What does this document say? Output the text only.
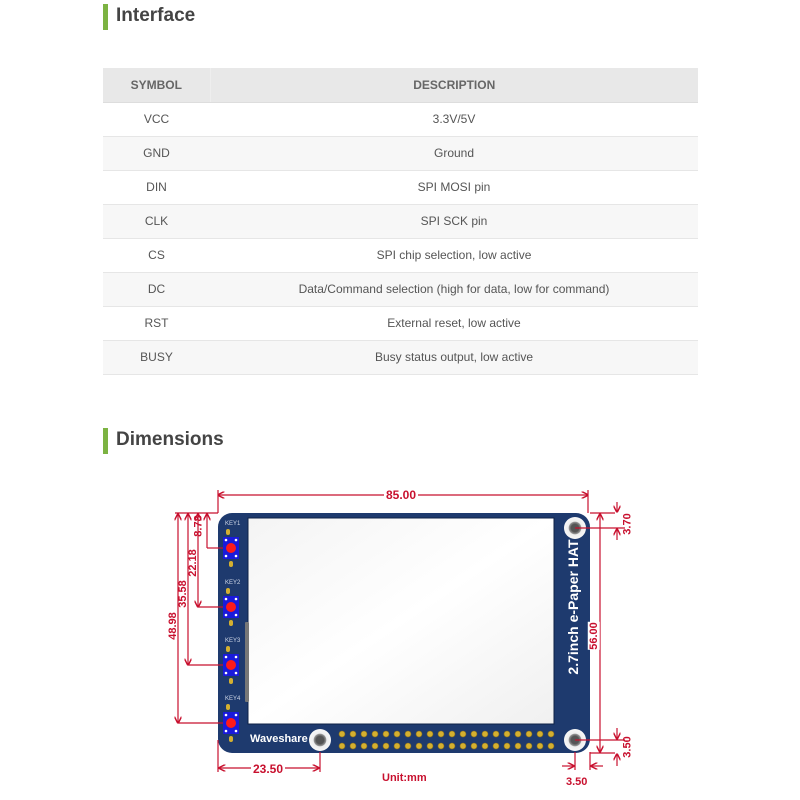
Interface
SYMBOL	DESCRIPTION
VCC	3.3V/5V
GND	Ground
DIN	SPI MOSI pin
CLK	SPI SCK pin
CS	SPI chip selection, low active
DC	Data/Command selection (high for data, low for command)
RST	External reset, low active
BUSY	Busy status output, low active
Dimensions
KEY1
KEY2
KEY3
KEY4
2.7inch e-Paper HAT
Waveshare
85.00
8.78
22.18
35.58
48.98	56.00
3.70
3.50
23.50
3.50
Unit:mm
